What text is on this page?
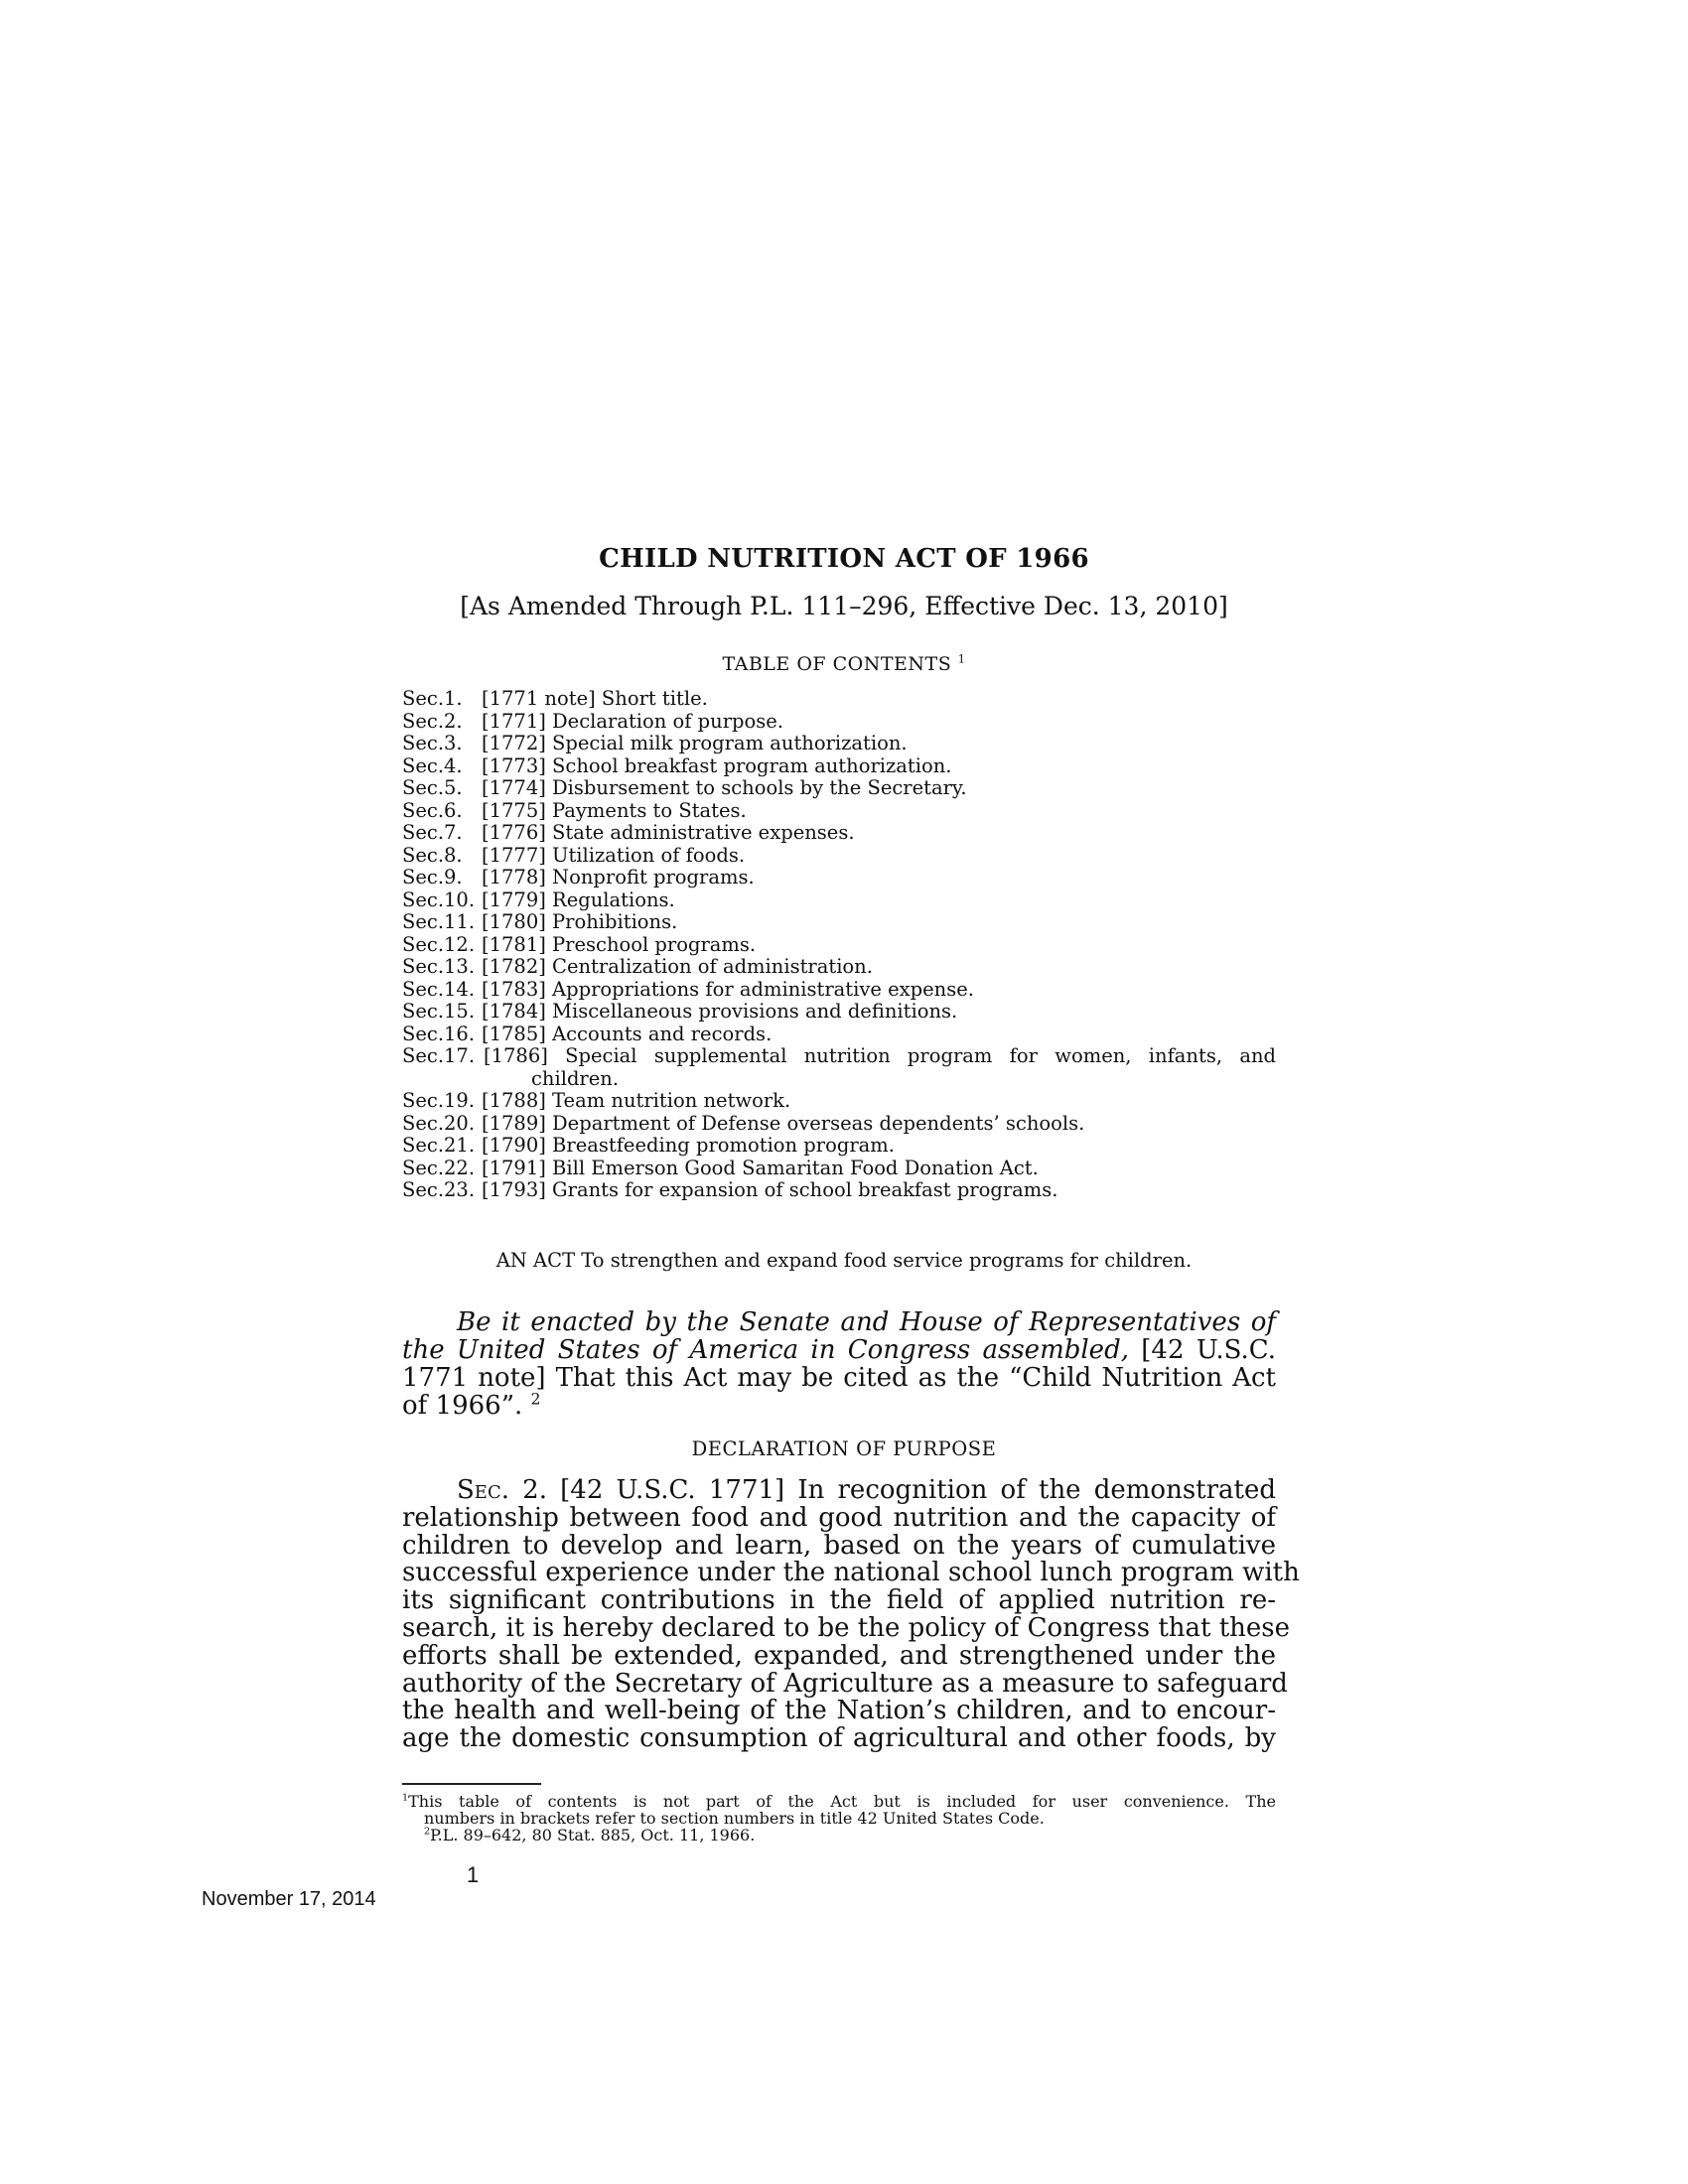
CHILD NUTRITION ACT OF 1966
[As Amended Through P.L. 111–296, Effective Dec. 13, 2010]
TABLE OF CONTENTS $^1$
Sec. 1. [1771 note] Short title.
Sec. 2. [1771] Declaration of purpose.
Sec. 3. [1772] Special milk program authorization.
Sec. 4. [1773] School breakfast program authorization.
Sec. 5. [1774] Disbursement to schools by the Secretary.
Sec. 6. [1775] Payments to States.
Sec. 7. [1776] State administrative expenses.
Sec. 8. [1777] Utilization of foods.
Sec. 9. [1778] Nonprofit programs.
Sec. 10. [1779] Regulations.
Sec. 11. [1780] Prohibitions.
Sec. 12. [1781] Preschool programs.
Sec. 13. [1782] Centralization of administration.
Sec. 14. [1783] Appropriations for administrative expense.
Sec. 15. [1784] Miscellaneous provisions and definitions.
Sec. 16. [1785] Accounts and records.
Sec. 17. [1786] Special supplemental nutrition program for women, infants, and
children.
Sec. 19. [1788] Team nutrition network.
Sec. 20. [1789] Department of Defense overseas dependents’ schools.
Sec. 21. [1790] Breastfeeding promotion program.
Sec. 22. [1791] Bill Emerson Good Samaritan Food Donation Act.
Sec. 23. [1793] Grants for expansion of school breakfast programs.
AN ACT To strengthen and expand food service programs for children.
Be it enacted by the Senate and House of Representatives of the United States of America in Congress assembled, [42 U.S.C. 1771 note] That this Act may be cited as the “Child Nutrition Act of 1966”. $^2$
DECLARATION OF PURPOSE
Sec. 2. [42 U.S.C. 1771] In recognition of the demonstrated
relationship between food and good nutrition and the capacity of
children to develop and learn, based on the years of cumulative
successful experience under the national school lunch program with
its significant contributions in the field of applied nutrition re-
search, it is hereby declared to be the policy of Congress that these
efforts shall be extended, expanded, and strengthened under the
authority of the Secretary of Agriculture as a measure to safeguard
the health and well-being of the Nation’s children, and to encour-
age the domestic consumption of agricultural and other foods, by
$^1$This table of contents is not part of the Act but is included for user convenience. The
numbers in brackets refer to section numbers in title 42 United States Code.
$^2$P.L. 89–642, 80 Stat. 885, Oct. 11, 1966.
1
November 17, 2014
